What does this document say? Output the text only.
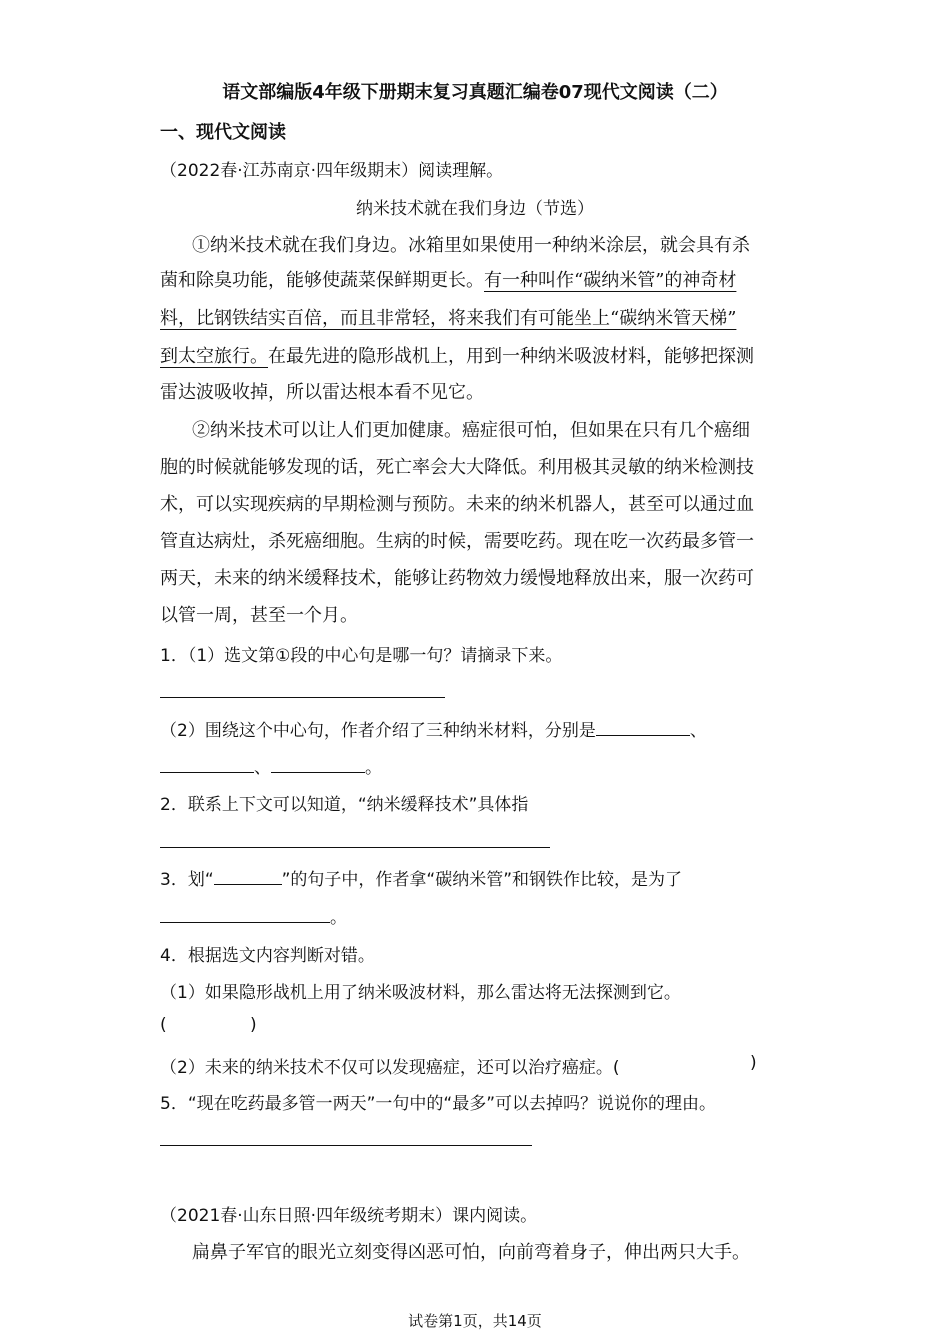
语文部编版4年级下册期末复习真题汇编卷07现代文阅读（二）
一、现代文阅读
（2022春·江苏南京·四年级期末）阅读理解。
纳米技术就在我们身边（节选）
①纳米技术就在我们身边。冰箱里如果使用一种纳米涂层，就会具有杀
菌和除臭功能，能够使蔬菜保鲜期更长。有一种叫作“碳纳米管”的神奇材
料，比钢铁结实百倍，而且非常轻，将来我们有可能坐上“碳纳米管天梯”
到太空旅行。在最先进的隐形战机上，用到一种纳米吸波材料，能够把探测
雷达波吸收掉，所以雷达根本看不见它。
②纳米技术可以让人们更加健康。癌症很可怕，但如果在只有几个癌细
胞的时候就能够发现的话，死亡率会大大降低。利用极其灵敏的纳米检测技
术，可以实现疾病的早期检测与预防。未来的纳米机器人，甚至可以通过血
管直达病灶，杀死癌细胞。生病的时候，需要吃药。现在吃一次药最多管一
两天，未来的纳米缓释技术，能够让药物效力缓慢地释放出来，服一次药可
以管一周，甚至一个月。
1．（1）选文第①段的中心句是哪一句？请摘录下来。
（2）围绕这个中心句，作者介绍了三种纳米材料，分别是	、
、	。
2．联系上下文可以知道，“纳米缓释技术”具体指
3．划“	”的句子中，作者拿“碳纳米管”和钢铁作比较，是为了
。
4．根据选文内容判断对错。
（1）如果隐形战机上用了纳米吸波材料，那么雷达将无法探测到它。
(	)
（2）未来的纳米技术不仅可以发现癌症，还可以治疗癌症。(	)
5．“现在吃药最多管一两天”一句中的“最多”可以去掉吗？说说你的理由。
（2021春·山东日照·四年级统考期末）课内阅读。
扁鼻子军官的眼光立刻变得凶恶可怕，向前弯着身子，伸出两只大手。
试卷第1页，共14页
